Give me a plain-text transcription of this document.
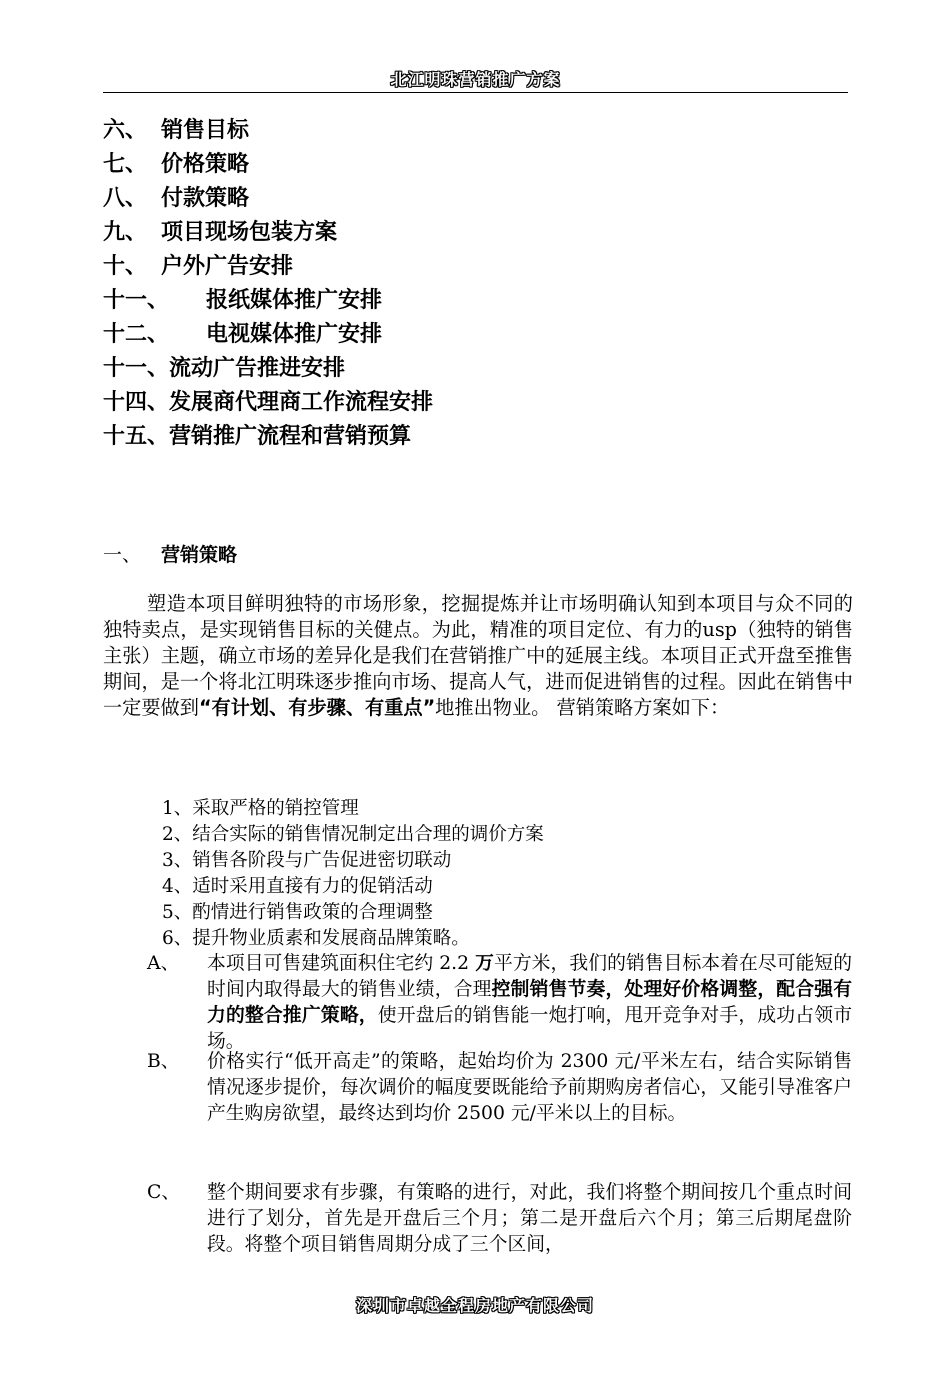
北江明珠营销推广方案
六、 销售目标
七、 价格策略
八、 付款策略
九、 项目现场包装方案
十、 户外广告安排
十一、 报纸媒体推广安排
十二、 电视媒体推广安排
十一、流动广告推进安排
十四、发展商代理商工作流程安排
十五、营销推广流程和营销预算
一、 营销策略
塑造本项目鲜明独特的市场形象，挖掘提炼并让市场明确认知到本项目与众不同的独特卖点，是实现销售目标的关健点。为此，精准的项目定位、有力的usp（独特的销售主张）主题，确立市场的差异化是我们在营销推广中的延展主线。本项目正式开盘至推售期间，是一个将北江明珠逐步推向市场、提高人气，进而促进销售的过程。因此在销售中一定要做到“有计划、有步骤、有重点”地推出物业。 营销策略方案如下：
1、采取严格的销控管理
2、结合实际的销售情况制定出合理的调价方案
3、销售各阶段与广告促进密切联动
4、适时采用直接有力的促销活动
5、酌情进行销售政策的合理调整
6、提升物业质素和发展商品牌策略。
A、 本项目可售建筑面积住宅约 2.2 万平方米，我们的销售目标本着在尽可能短的时间内取得最大的销售业绩，合理控制销售节奏，处理好价格调整，配合强有力的整合推广策略，使开盘后的销售能一炮打响，甩开竞争对手，成功占领市场。
B、 价格实行“低开高走”的策略，起始均价为 2300 元/平米左右，结合实际销售情况逐步提价，每次调价的幅度要既能给予前期购房者信心，又能引导准客户产生购房欲望，最终达到均价 2500 元/平米以上的目标。
C、 整个期间要求有步骤，有策略的进行，对此，我们将整个期间按几个重点时间进行了划分，首先是开盘后三个月；第二是开盘后六个月；第三后期尾盘阶段。将整个项目销售周期分成了三个区间，
深圳市卓越全程房地产有限公司
